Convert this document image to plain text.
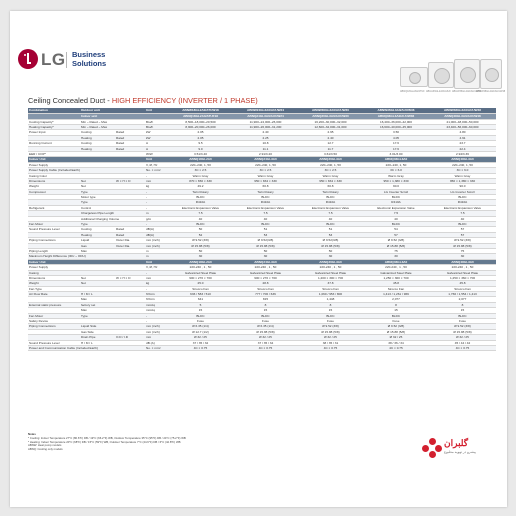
LG Business
Solutions
ABNQ18GL2A0/ATUF ABUA36GL2A0/AUUF ABUW36GL2A0/AUUW36
ABUW48GL2A0/AUUW48
Ceiling Concealed Duct - HIGH EFFICIENCY (INVERTER / 1 PHASE)
Combination	Outdoor unit	Unit	ABNW18GL2A0/ATUW18	ABNW24GL3A0/AUUW24	ABNW30GL3A0/AUUW30	ABNW36GL3A0/AUUW36	ABNW48GL3A0/AUUW48
Indoor unit	ABNQ18GL2A0/ATUF18	ABNQ24GL3A0/AUUW24	ABNQ30GL3A0/AUUW30	ABNQ36GL3A0/AUUW36	ABNQ48GL3A0/AUUW48
Cooling Capacity*	Min ~ Rated ~ Max	Btu/h	8,500~18,000~20,500	11,900~24,000~26,000	16,200~30,000~32,000	16,400~36,000~42,000	21,000~48,000~50,000
Heating Capacity*	Min ~ Rated ~ Max	Btu/h	8,900~20,000~26,000	11,900~26,000~31,200	12,600~32,000~31,000	16,600~40,000~45,000	23,400~56,000~60,000
Power Input	Cooling	Rated	kW	2.05	2.40	2.95	3.50	4.80
Heating	Rated	kW	2.05	2.25	2.40	4.05	4.91
Running Current	Cooling	Rated	A	9.5	10.8	12.7	17.6	23.7
Heating	Rated	A	9.0	11.1	11.7	17.6	22.4
EER / COP*	W/W	3.51/3.40	2.91/3.20	3.61/3.50	3.01/3.00	2.94/3.36
Indoor Unit	Unit	ABNQ18GL2A0	ABNQ24GL3A0	ABNQ30GL3A0	ABNQ36GL3A0	ABNQ48GL3A0
Power Supply	V, Ø, Hz	220~240, 1, 50	220~240, 1, 50	220~240, 1, 50	220~240, 1, 50	220~240, 1, 50
Power Supply Cable (Included Earth)	No. × mm²	3C × 2.5	3C × 2.5	3C × 2.5	3C × 6.0	3C × 6.0
Casing Color	-	Warm Gray	Warm Gray	Warm Gray	Warm Gray	Warm Gray
Dimensions	Net	W × H × D	mm	870 × 650 × 330	950 × 834 × 330	950 × 834 × 330	950 × 1,380 × 330	950 × 1,380 × 330
Weight	Net	kg	49.2	60.8	60.8	90.0	90.0
Compressor	Type	-	Twin Rotary	Twin Rotary	Twin Rotary	LG Inverter Scroll	LG Inverter Scroll
Motor type	-	BLDC	BLDC	BLDC	BLDC	BLDC
Type	-	R410A	R410A	R410A	R410A	R410A
Refrigerant	Control	-	Electronic Expansion Valve	Electronic Expansion Valve	Electronic Expansion Valve	Electronic Expansion Valve	Electronic Expansion Valve
Chargeless Pipe Length	m	7.5	7.5	7.5	7.5	7.5
Additional Charging Volume	g/m	40	40	40	40	40
Fan Motor	Type	-	BLDC	BLDC	BLDC	BLDC	BLDC
Sound Pressure Level	Cooling	Rated	dB(A)	50	51	51	54	57
Heating	Rated	dB(A)	52	53	53	57	57
Piping Connections	Liquid	Outer Dia.	mm (inch)	Ø 9.52 (3/8)	Ø 9.52(3/8)	Ø 9.52(3/8)	Ø 9.52 (3/8)	Ø 9.52 (3/8)
Gas	Outer Dia.	mm (inch)	Ø 15.88 (5/8)	Ø 15.88 (5/8)	Ø 15.88 (5/8)	Ø 15.88 (5/8)	Ø 15.88 (5/8)
Piping Length	Max	m	50	50	50	75	75
Maximum Height Difference (IDU ~ ODU)	m	30	30	30	30	30
Indoor Unit	Unit	ABNQ18GL2A0	ABNQ24GL3A0	ABNQ30GL3A0	ABNQ36GL3A0	ABNQ48GL3A0
Power Supply	V, Ø, Hz	220-240 , 1 , 50	220-240 , 1 , 50	220-240 , 1 , 50	220-240 , 1 , 50	220-240 , 1 , 50
Casing	-	Galvanized Steel Plate	Galvanized Steel Plate	Galvanized Steel Plate	Galvanized Steel Plate	Galvanized Steel Plate
Dimensions	Net	W × H × D	mm	900 × 270 × 700	900 × 270 × 700	1,200 × 300 × 700	1,250 × 360 × 700	1,250 × 360 × 700
Weight	Net	kg	25.0	28.8	37.8	45.8	45.8
Fan Type	-	Sirocco Fan	Sirocco Fan	Sirocco Fan	Sirocco Fan	Sirocco Fan
Air Flow Rate	H / M / L	ft³/min	636 / 583 / 510	777 / 706 / 636	1,060 / 953 / 800	1,413 / 1,261 / 969	1,766 / 1,554 / 1,413
Max	ft³/min	641	815	1,448	2,077	2,077
External static pressure	factory set	mmAq	5	8	8	8	8
Max	mmAq	15	15	15	15	15
Fan Motor	Type	-	BLDC	BLDC	BLDC	BLDC	BLDC
Safety Device	-	Fuse	Fuse	Fuse	Fuse	Fuse
Piping Connections	Liquid Side	mm (inch)	Ø 6.35 (1/4)	Ø 6.35 (1/4)	Ø 9.52 (3/8)	Ø 9.52 (3/8)	Ø 9.52 (3/8)
Gas Side	mm (inch)	Ø 12.7 (1/2)	Ø 15.88 (5/8)	Ø 15.88 (5/8)	Ø 15.88 (5/8)	Ø 15.88 (5/8)
Drain Pipe	O.D / I.D	mm	Ø 32 / 25	Ø 32 / 25	Ø 32 / 25	Ø 32 / 25	Ø 32 / 25
Sound Pressure Level	H / M / L	dB (A)	37 / 35 / 32	37 / 35 / 34	38 / 35 / 31	38 / 36 / 34	45 / 44 / 42
Power and Communication Cable (Included Earth)	No. × mm²	4C × 0.75	4C × 0.75	4C × 0.75	4C × 0.75	4C × 0.75
Notes
* Cooling: Indoor Temperature 27°C (80.6°F) DB / 19°C (66.2°F) WB, Outdoor Temperature 35°C (95°F) DB / 24°C (75.2°F) WB
* Heating: Indoor Temperature 20°C (68°F) DB / 15°C (59°F) WB, Outdoor Temperature 7°C (44.6°F) DB / 6°C (42.8°F) WB
ABNW: Heat pump models
ABNQ: Cooling only models
گلبران
پیشرو در تهویه مطبوع
